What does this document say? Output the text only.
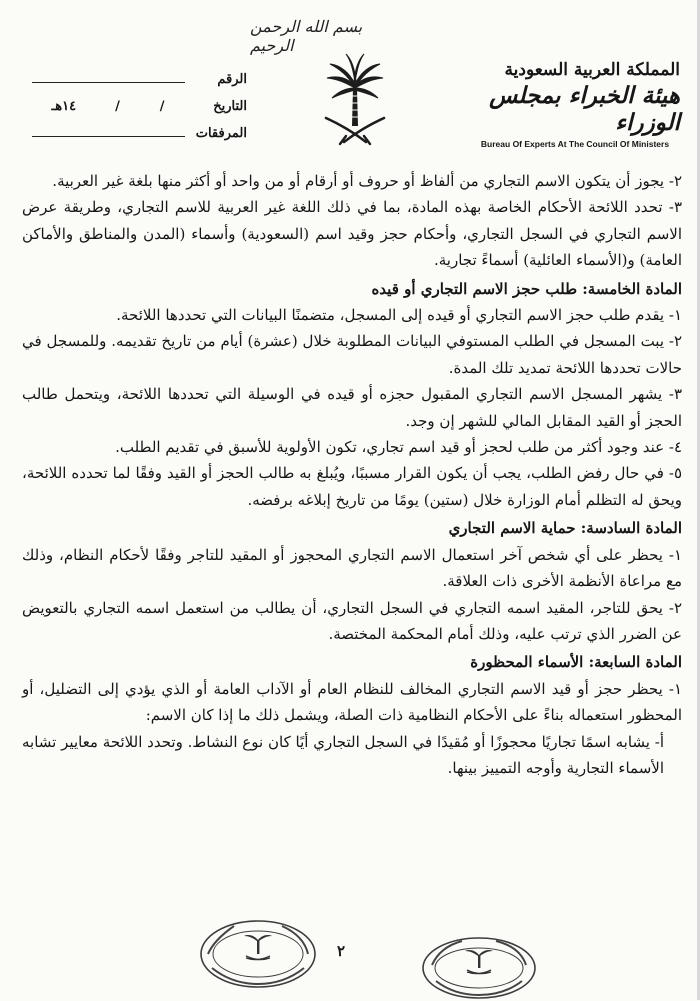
بسم الله الرحمن الرحيم
الرقم
التاريخ
/
/
١٤هـ
المرفقات
المملكة العربية السعودية
هيئة الخبراء بمجلس الوزراء
Bureau Of Experts At The Council Of Ministers

٢- يجوز أن يتكون الاسم التجاري من ألفاظ أو حروف أو أرقام أو من واحد أو أكثر منها بلغة غير العربية.

٣- تحدد اللائحة الأحكام الخاصة بهذه المادة، بما في ذلك اللغة غير العربية للاسم التجاري، وطريقة عرض الاسم التجاري في السجل التجاري، وأحكام حجز وقيد اسم (السعودية) وأسماء (المدن والمناطق والأماكن العامة) و(الأسماء العائلية) أسماءً تجارية.

المادة الخامسة: طلب حجز الاسم التجاري أو قيده

١- يقدم طلب حجز الاسم التجاري أو قيده إلى المسجل، متضمنًا البيانات التي تحددها اللائحة.

٢- يبت المسجل في الطلب المستوفي البيانات المطلوبة خلال (عشرة) أيام من تاريخ تقديمه. وللمسجل في حالات تحددها اللائحة تمديد تلك المدة.

٣- يشهر المسجل الاسم التجاري المقبول حجزه أو قيده في الوسيلة التي تحددها اللائحة، ويتحمل طالب الحجز أو القيد المقابل المالي للشهر إن وجد.

٤- عند وجود أكثر من طلب لحجز أو قيد اسم تجاري، تكون الأولوية للأسبق في تقديم الطلب.

٥- في حال رفض الطلب، يجب أن يكون القرار مسببًا، ويُبلغ به طالب الحجز أو القيد وفقًا لما تحدده اللائحة، ويحق له التظلم أمام الوزارة خلال (ستين) يومًا من تاريخ إبلاغه برفضه.

المادة السادسة: حماية الاسم التجاري

١- يحظر على أي شخص آخر استعمال الاسم التجاري المحجوز أو المقيد للتاجر وفقًا لأحكام النظام، وذلك مع مراعاة الأنظمة الأخرى ذات العلاقة.

٢- يحق للتاجر، المقيد اسمه التجاري في السجل التجاري، أن يطالب من استعمل اسمه التجاري بالتعويض عن الضرر الذي ترتب عليه، وذلك أمام المحكمة المختصة.

المادة السابعة: الأسماء المحظورة

١- يحظر حجز أو قيد الاسم التجاري المخالف للنظام العام أو الآداب العامة أو الذي يؤدي إلى التضليل، أو المحظور استعماله بناءً على الأحكام النظامية ذات الصلة، ويشمل ذلك ما إذا كان الاسم:

أ- يشابه اسمًا تجاريًا محجوزًا أو مُقيدًا في السجل التجاري أيًا كان نوع النشاط. وتحدد اللائحة معايير تشابه الأسماء التجارية وأوجه التمييز بينها.

٢
